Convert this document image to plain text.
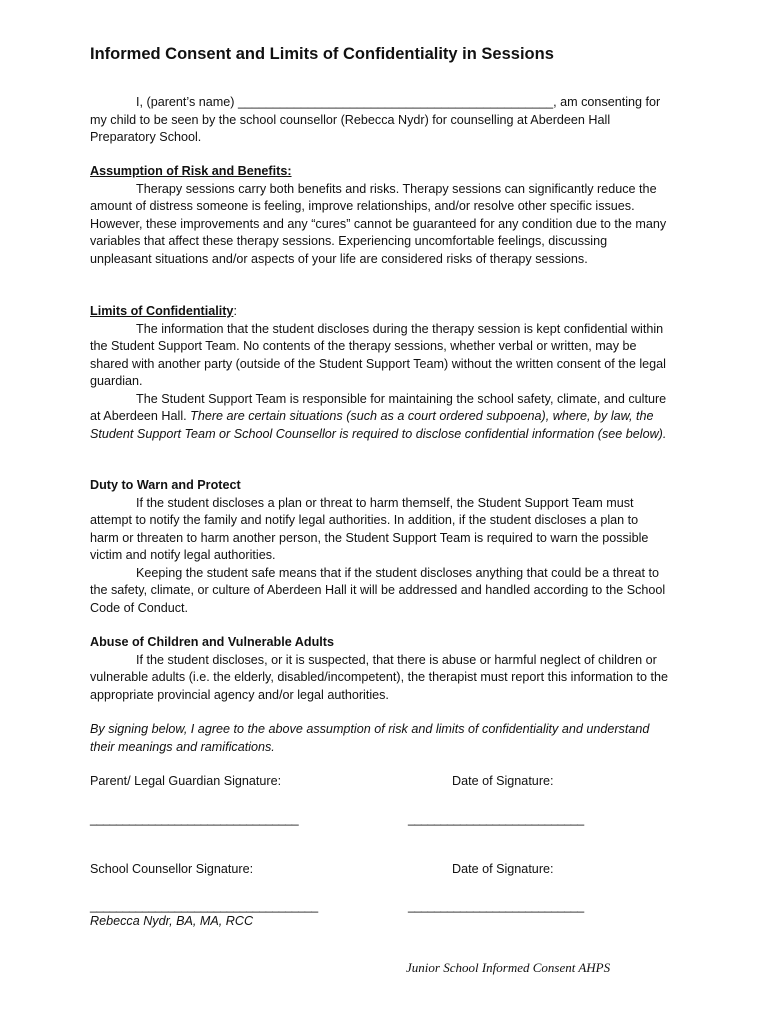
Informed Consent and Limits of Confidentiality in Sessions

I, (parent’s name) _____________________________________________, am consenting for my child to be seen by the school counsellor (Rebecca Nydr) for counselling at Aberdeen Hall Preparatory School.

Assumption of Risk and Benefits:

Therapy sessions carry both benefits and risks. Therapy sessions can significantly reduce the amount of distress someone is feeling, improve relationships, and/or resolve other specific issues. However, these improvements and any “cures” cannot be guaranteed for any condition due to the many variables that affect these therapy sessions. Experiencing uncomfortable feelings, discussing unpleasant situations and/or aspects of your life are considered risks of therapy sessions.

Limits of Confidentiality:

The information that the student discloses during the therapy session is kept confidential within the Student Support Team. No contents of the therapy sessions, whether verbal or written, may be shared with another party (outside of the Student Support Team) without the written consent of the legal guardian.

The Student Support Team is responsible for maintaining the school safety, climate, and culture at Aberdeen Hall. There are certain situations (such as a court ordered subpoena), where, by law, the Student Support Team or School Counsellor is required to disclose confidential information (see below).

Duty to Warn and Protect

If the student discloses a plan or threat to harm themself, the Student Support Team must attempt to notify the family and notify legal authorities. In addition, if the student discloses a plan to harm or threaten to harm another person, the Student Support Team is required to warn the possible victim and notify legal authorities.

Keeping the student safe means that if the student discloses anything that could be a threat to the safety, climate, or culture of Aberdeen Hall it will be addressed and handled according to the School Code of Conduct.

Abuse of Children and Vulnerable Adults

If the student discloses, or it is suspected, that there is abuse or harmful neglect of children or vulnerable adults (i.e. the elderly, disabled/incompetent), the therapist must report this information to the appropriate provincial agency and/or legal authorities.

By signing below, I agree to the above assumption of risk and limits of confidentiality and understand their meanings and ramifications.

Parent/ Legal Guardian Signature:	Date of Signature:
________________________________	___________________________
School Counsellor Signature:	Date of Signature:
___________________________________	___________________________
Rebecca Nydr, BA, MA, RCC
Junior School Informed Consent AHPS
